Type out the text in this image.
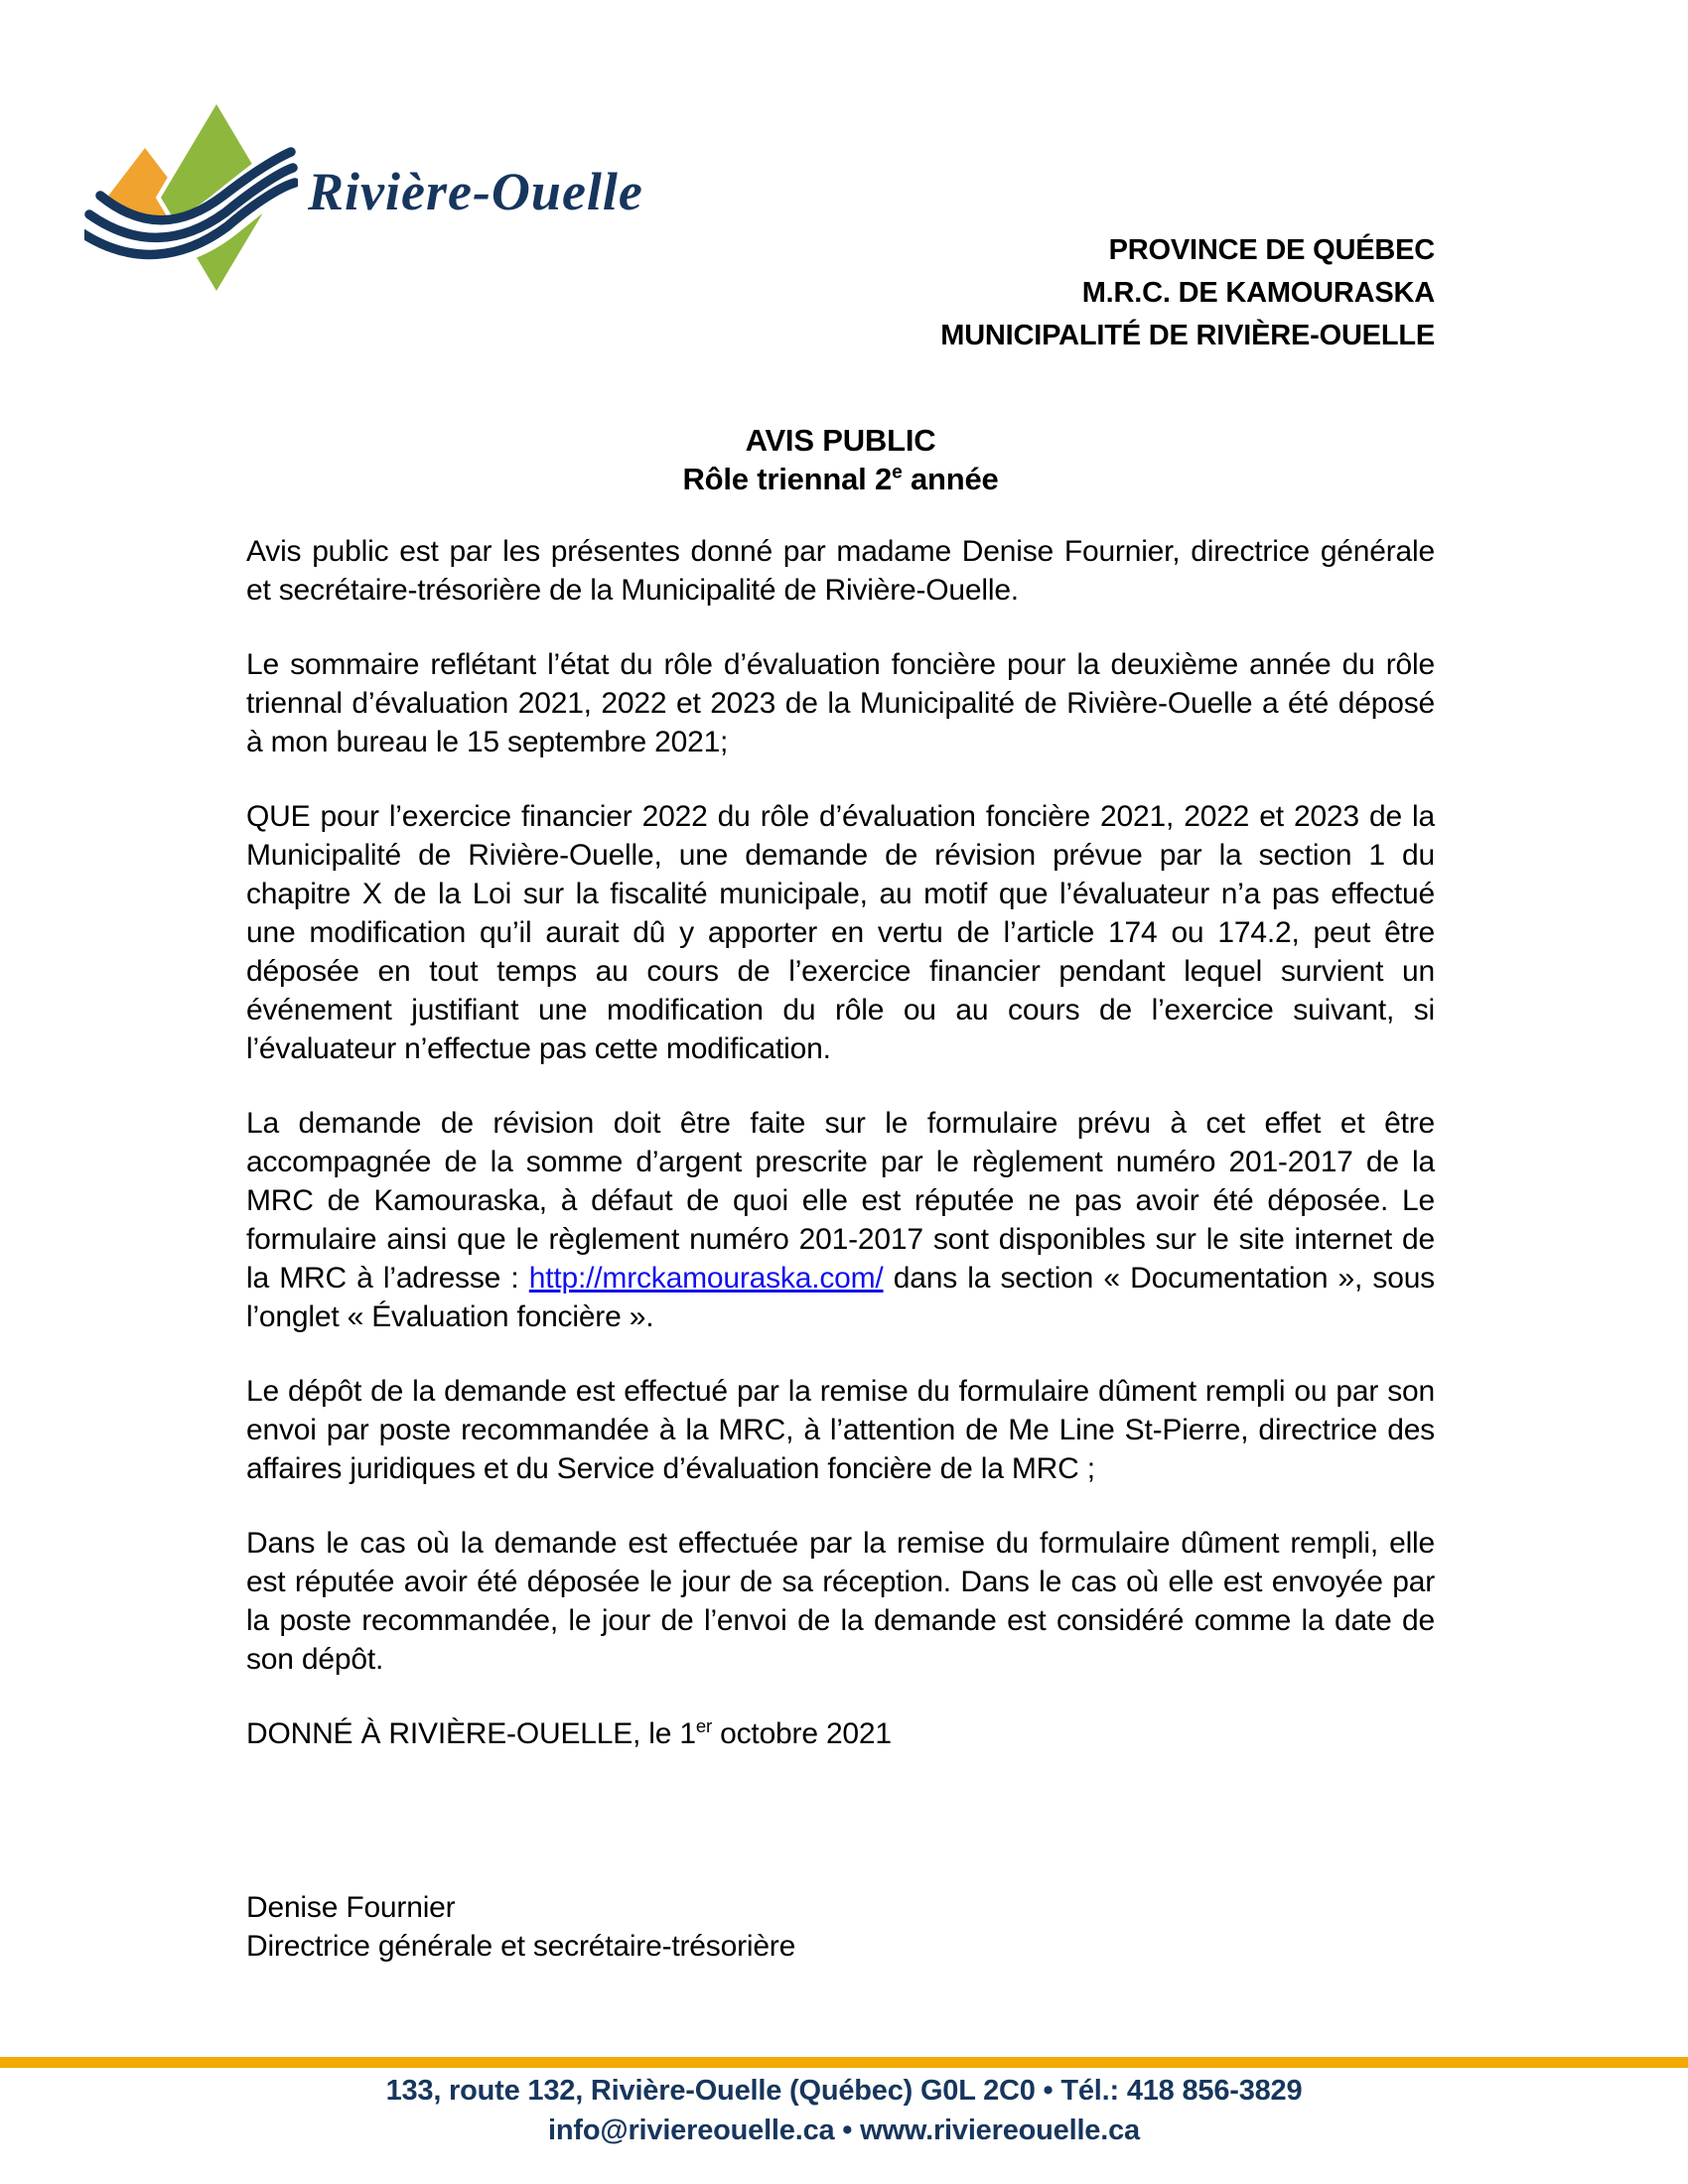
Rivière-Ouelle
PROVINCE DE QUÉBEC
M.R.C. DE KAMOURASKA
MUNICIPALITÉ DE RIVIÈRE-OUELLE
AVIS PUBLIC
Rôle triennal 2e année

Avis public est par les présentes donné par madame Denise Fournier, directrice générale et secrétaire-trésorière de la Municipalité de Rivière-Ouelle.

Le sommaire reflétant l’état du rôle d’évaluation foncière pour la deuxième année du rôle triennal d’évaluation 2021, 2022 et 2023 de la Municipalité de Rivière-Ouelle a été déposé à mon bureau le 15 septembre 2021;

QUE pour l’exercice financier 2022 du rôle d’évaluation foncière 2021, 2022 et 2023 de la Municipalité de Rivière-Ouelle, une demande de révision prévue par la section 1 du chapitre X de la Loi sur la fiscalité municipale, au motif que l’évaluateur n’a pas effectué une modification qu’il aurait dû y apporter en vertu de l’article 174 ou 174.2, peut être déposée en tout temps au cours de l’exercice financier pendant lequel survient un événement justifiant une modification du rôle ou au cours de l’exercice suivant, si l’évaluateur n’effectue pas cette modification.

La demande de révision doit être faite sur le formulaire prévu à cet effet et être accompagnée de la somme d’argent prescrite par le règlement numéro 201-2017 de la MRC de Kamouraska, à défaut de quoi elle est réputée ne pas avoir été déposée. Le formulaire ainsi que le règlement numéro 201-2017 sont disponibles sur le site internet de la MRC à l’adresse : http://mrckamouraska.com/ dans la section « Documentation », sous l’onglet « Évaluation foncière ».

Le dépôt de la demande est effectué par la remise du formulaire dûment rempli ou par son envoi par poste recommandée à la MRC, à l’attention de Me Line St-Pierre, directrice des affaires juridiques et du Service d’évaluation foncière de la MRC ;

Dans le cas où la demande est effectuée par la remise du formulaire dûment rempli, elle est réputée avoir été déposée le jour de sa réception. Dans le cas où elle est envoyée par la poste recommandée, le jour de l’envoi de la demande est considéré comme la date de son dépôt.

DONNÉ À RIVIÈRE-OUELLE, le 1er octobre 2021

Denise Fournier
Directrice générale et secrétaire-trésorière
133, route 132, Rivière-Ouelle (Québec) G0L 2C0 • Tél.: 418 856-3829
info@riviereouelle.ca • www.riviereouelle.ca
